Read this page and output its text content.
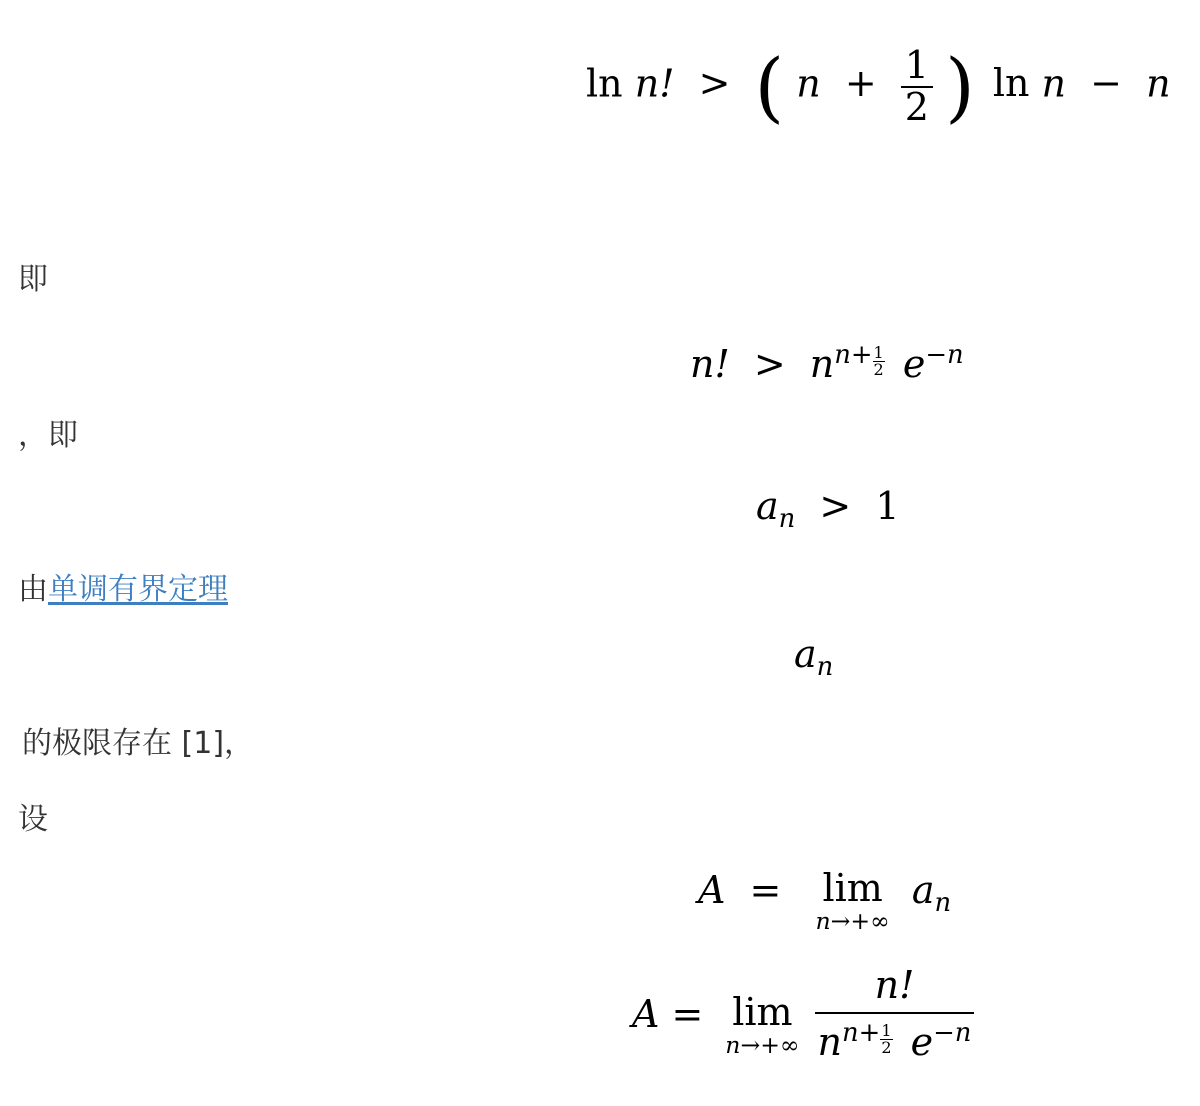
ln n! > ( $n + \frac{1}{2}$ ) ln n − n
即
n! > $n^{n+ \frac{1}{2}}$ $e^{-n}$
，即
$a_n > 1$
由单调有界定理
$a_n$
的极限存在 [1]，
设
A = lim
n→+∞
$a_n$
A = lim
n→+∞ n!
$n^{n+ \frac{1}{2}}$ $e^{-n}$
